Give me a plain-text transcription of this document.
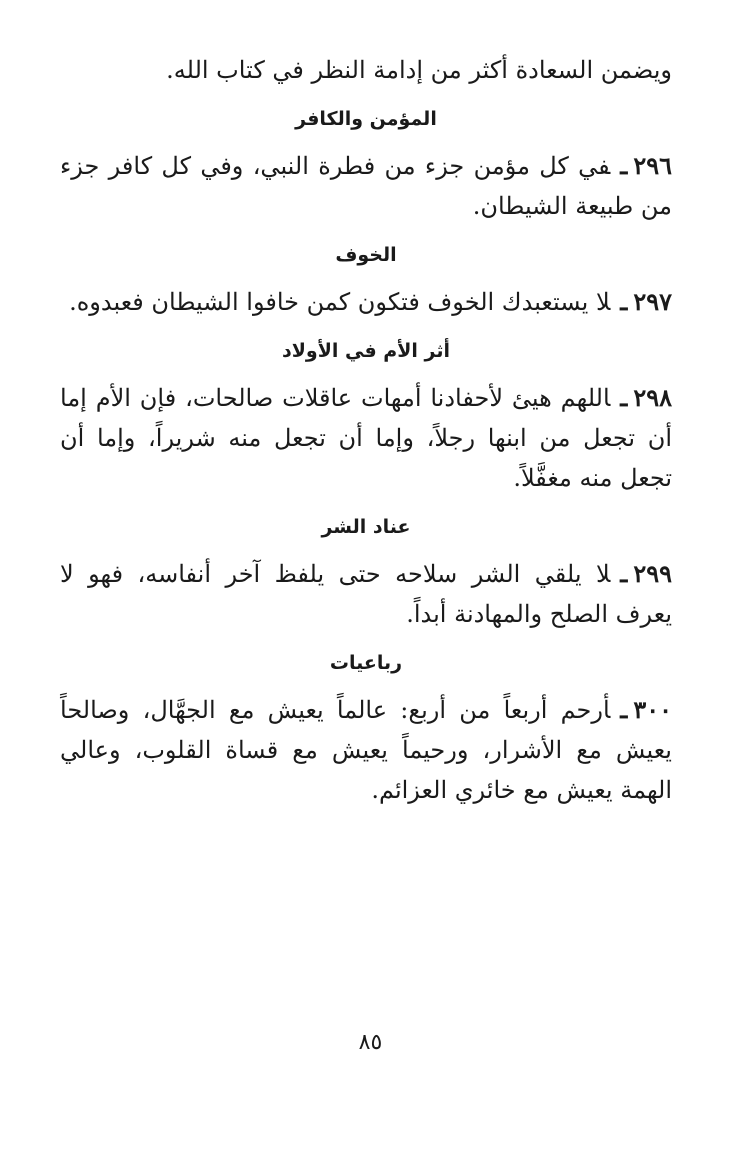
ويضمن السعادة أكثر من إدامة النظر في كتاب الله.

المؤمن والكافر

٢٩٦ـفي كل مؤمن جزء من فطرة النبي، وفي كل كافر جزء من طبيعة الشيطان.

الخوف

٢٩٧ـلا يستعبدك الخوف فتكون كمن خافوا الشيطان فعبدوه.

أثر الأم في الأولاد

٢٩٨ـاللهم هيئ لأحفادنا أمهات عاقلات صالحات، فإن الأم إما أن تجعل من ابنها رجلاً، وإما أن تجعل منه شريراً، وإما أن تجعل منه مغفَّلاً.

عناد الشر

٢٩٩ـلا يلقي الشر سلاحه حتى يلفظ آخر أنفاسه، فهو لا يعرف الصلح والمهادنة أبداً.

رباعيات

٣٠٠ـأرحم أربعاً من أربع: عالماً يعيش مع الجهَّال، وصالحاً يعيش مع الأشرار، ورحيماً يعيش مع قساة القلوب، وعالي الهمة يعيش مع خائري العزائم.

٨٥
